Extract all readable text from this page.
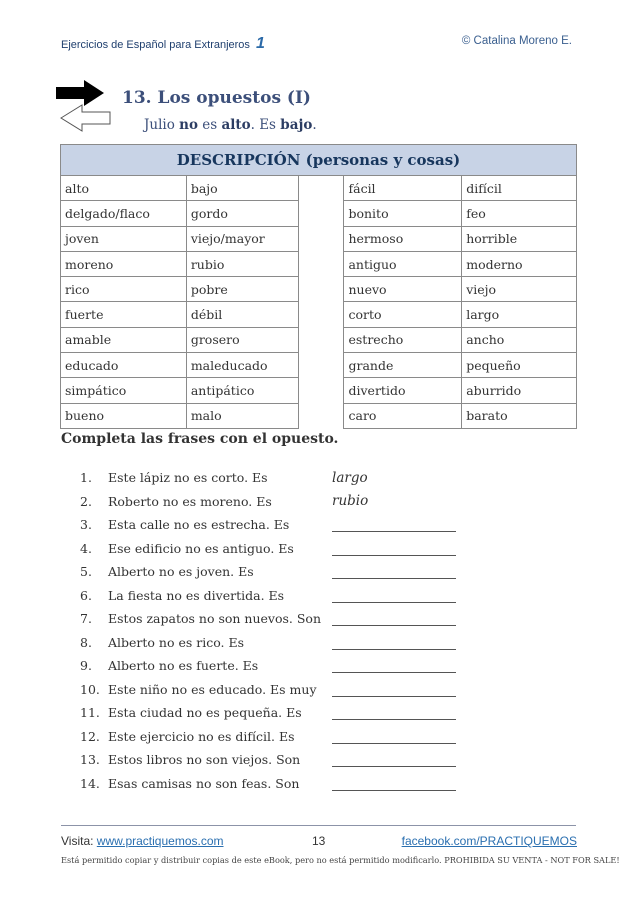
Ejercicios de Español para Extranjeros 1	© Catalina Moreno E.
13. Los opuestos (I)
Julio no es alto. Es bajo.
DESCRIPCIÓN (personas y cosas)				
alto	bajo		fácil	difícil
delgado/flaco	gordo		bonito	feo
joven	viejo/mayor		hermoso	horrible
moreno	rubio		antiguo	moderno
rico	pobre		nuevo	viejo
fuerte	débil		corto	largo
amable	grosero		estrecho	ancho
educado	maleducado		grande	pequeño
simpático	antipático		divertido	aburrido
bueno	malo		caro	barato
Completa las frases con el opuesto.
1.	Este lápiz no es corto. Es	largo
2.	Roberto no es moreno. Es	rubio
3.	Esta calle no es estrecha. Es
4.	Ese edificio no es antiguo. Es
5.	Alberto no es joven. Es
6.	La fiesta no es divertida. Es
7.	Estos zapatos no son nuevos. Son
8.	Alberto no es rico. Es
9.	Alberto no es fuerte. Es
10. Este niño no es educado. Es muy
11. Esta ciudad no es pequeña. Es
12. Este ejercicio no es difícil. Es
13. Estos libros no son viejos. Son
14. Esas camisas no son feas. Son
Visita: www.practiquemos.com	13	facebook.com/PRACTIQUEMOS
Está permitido copiar y distribuir copias de este eBook, pero no está permitido modificarlo. PROHIBIDA SU VENTA - NOT FOR SALE!
